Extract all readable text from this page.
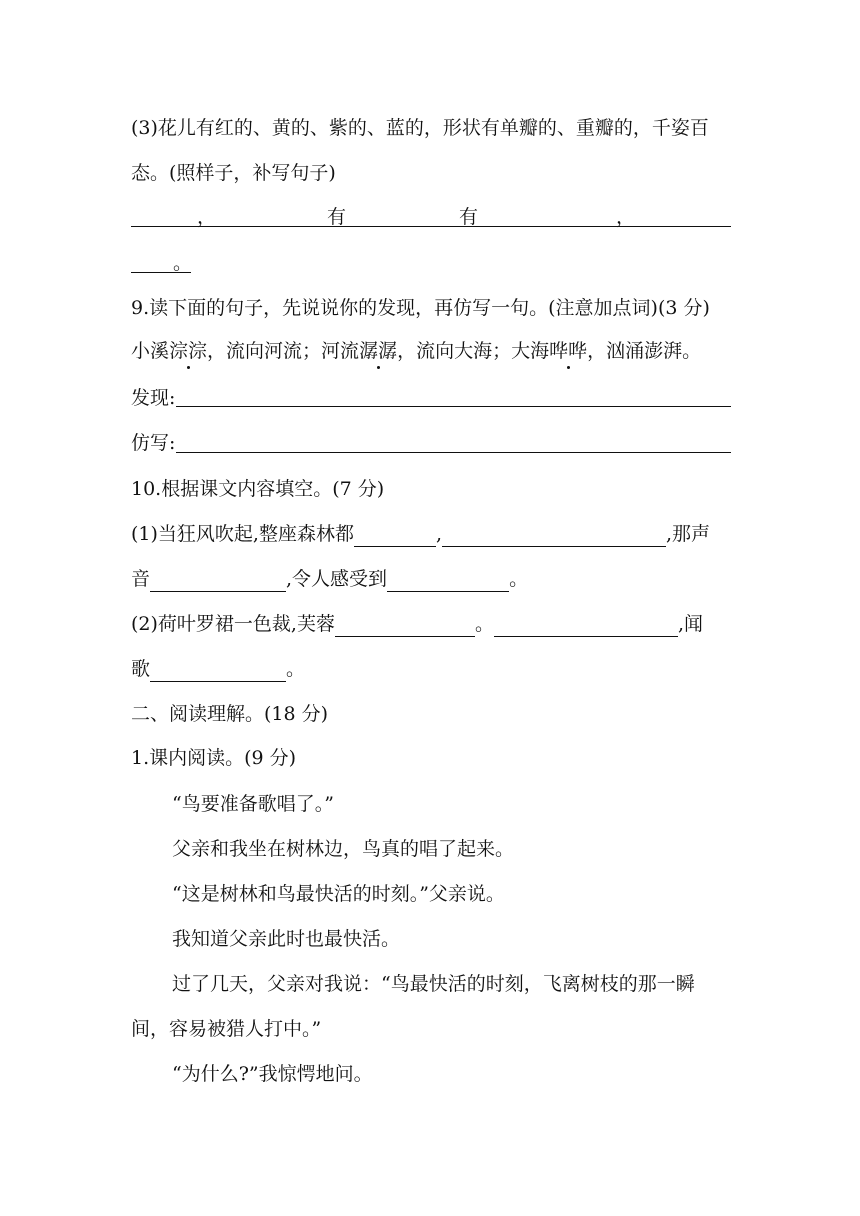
(3)花儿有红的、黄的、紫的、蓝的，形状有单瓣的、重瓣的，千姿百
态。(照样子，补写句子)
，	有	有	，
。
9.读下面的句子，先说说你的发现，再仿写一句。(注意加点词)(3 分)
小溪淙淙，流向河流；河流潺潺，流向大海；大海哗哗，汹涌澎湃。
发现:
仿写:
10.根据课文内容填空。(7 分)
(1)当狂风吹起,整座森林都	,	,那声
音	,令人感受到	。
(2)荷叶罗裙一色裁,芙蓉	。	,闻
歌	。
二、阅读理解。(18 分)
1.课内阅读。(9 分)
“鸟要准备歌唱了。”
父亲和我坐在树林边，鸟真的唱了起来。
“这是树林和鸟最快活的时刻。”父亲说。
我知道父亲此时也最快活。
过了几天，父亲对我说：“鸟最快活的时刻，飞离树枝的那一瞬
间，容易被猎人打中。”
“为什么?”我惊愕地问。
